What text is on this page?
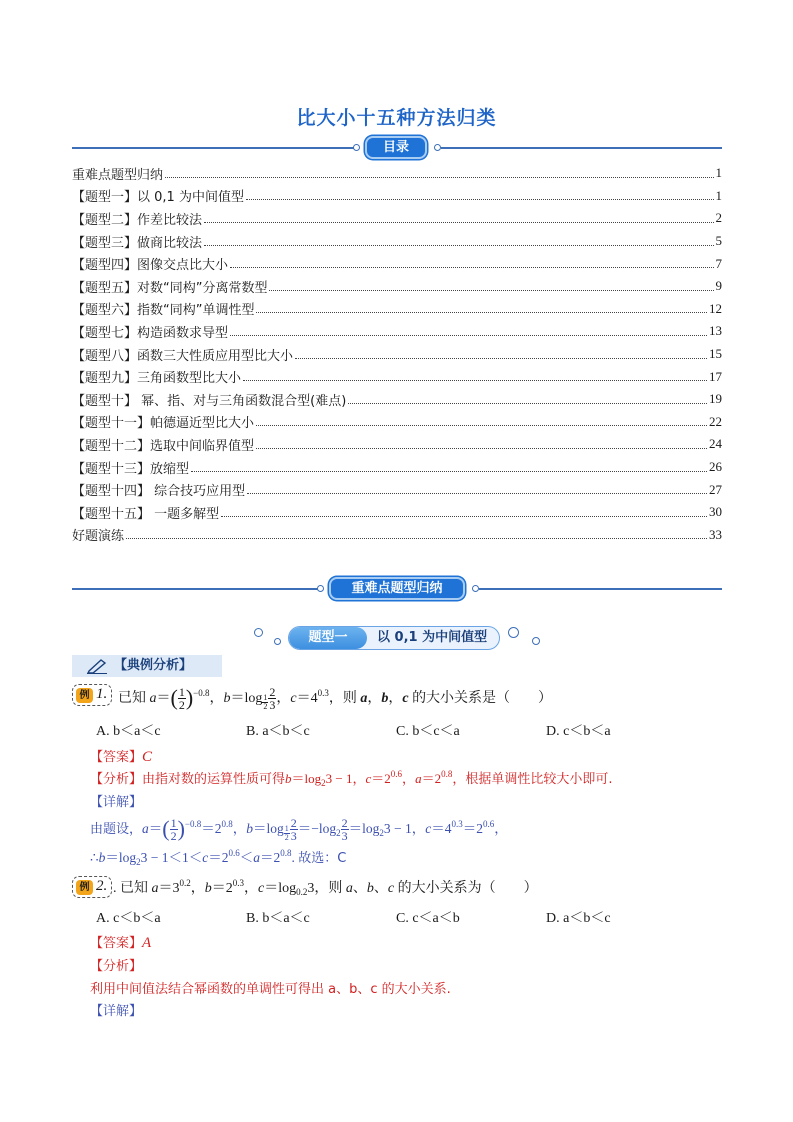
比大小十五种方法归类
目录
重难点题型归纳	1
【题型一】以 0,1 为中间值型	1
【题型二】作差比较法	2
【题型三】做商比较法	5
【题型四】图像交点比大小	7
【题型五】对数“同构”分离常数型	9
【题型六】指数“同构”单调性型	12
【题型七】构造函数求导型	13
【题型八】函数三大性质应用型比大小	15
【题型九】三角函数型比大小	17
【题型十】 幂、指、对与三角函数混合型(难点)	19
【题型十一】帕德逼近型比大小	22
【题型十二】选取中间临界值型	24
【题型十三】放缩型	26
【题型十四】 综合技巧应用型	27
【题型十五】 一题多解型	30
好题演练	33
重难点题型归纳
题型一	以 0,1 为中间值型
【典例分析】
例 1. 已知 $a=( \frac{1}{2} )^{-0.8}$，b＝log $_{\frac{1}{2}} \frac{2}{3}$ ，$c=4^{0.3}$，则 a，b，c 的大小关系是（　　）
A. b＜a＜c	B. a＜b＜c	C. b＜c＜a	D. c＜b＜a
【答案】C
【分析】由指对数的运算性质可得$b=\log_23 - 1$，$c=2^{0.6}$，$a=2^{0.8}$，根据单调性比较大小即可.
【详解】
由题设，$a=( \frac{1}{2} )^{-0.8}=2^{0.8}$，b＝log $_{\frac{1}{2}} \frac{2}{3} =-\log_2 \frac{2}{3} =\log_23 - 1$，$c=4^{0.3}=2^{0.6}$，
$\therefore b=\log_23 - 1<1<c=2^{0.6}<a=2^{0.8}$. 故选：C
例 2. . 已知 $a=3^{0.2}$，$b=2^{0.3}$，$c=\log_{0.2}3$，则 a、b、c 的大小关系为（　　）
A. c＜b＜a	B. b＜a＜c	C. c＜a＜b	D. a＜b＜c
【答案】A
【分析】
利用中间值法结合幂函数的单调性可得出 a、b、c 的大小关系.
【详解】
